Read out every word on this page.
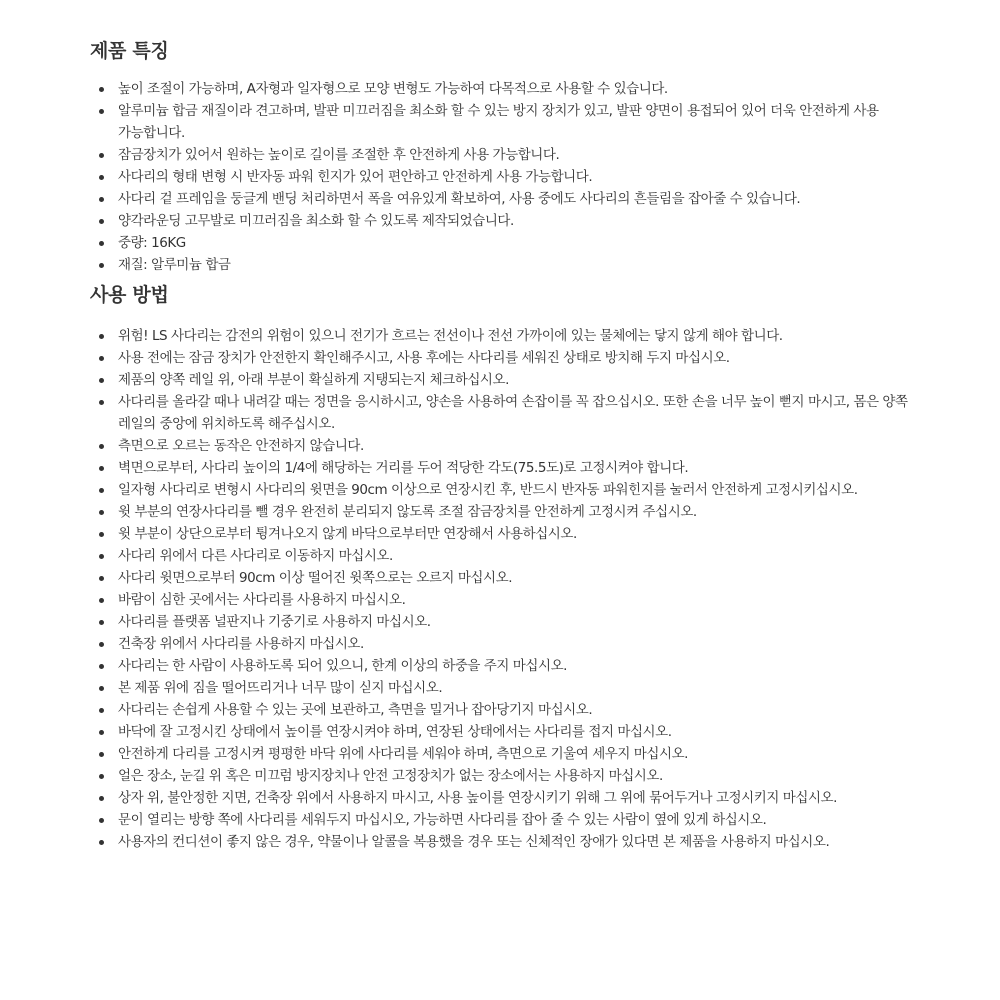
제품 특징
높이 조절이 가능하며, A자형과 일자형으로 모양 변형도 가능하여 다목적으로 사용할 수 있습니다.
알루미늄 합금 재질이라 견고하며, 발판 미끄러짐을 최소화 할 수 있는 방지 장치가 있고, 발판 양면이 용접되어 있어 더욱 안전하게 사용 가능합니다.
잠금장치가 있어서 원하는 높이로 길이를 조절한 후 안전하게 사용 가능합니다.
사다리의 형태 변형 시 반자동 파워 힌지가 있어 편안하고 안전하게 사용 가능합니다.
사다리 겉 프레임을 둥글게 밴딩 처리하면서 폭을 여유있게 확보하여, 사용 중에도 사다리의 흔들림을 잡아줄 수 있습니다.
양각라운딩 고무발로 미끄러짐을 최소화 할 수 있도록 제작되었습니다.
중량: 16KG
재질: 알루미늄 합금
사용 방법
위험! LS 사다리는 감전의 위험이 있으니 전기가 흐르는 전선이나 전선 가까이에 있는 물체에는 닿지 않게 해야 합니다.
사용 전에는 잠금 장치가 안전한지 확인해주시고, 사용 후에는 사다리를 세워진 상태로 방치해 두지 마십시오.
제품의 양쪽 레일 위, 아래 부분이 확실하게 지탱되는지 체크하십시오.
사다리를 올라갈 때나 내려갈 때는 정면을 응시하시고, 양손을 사용하여 손잡이를 꼭 잡으십시오. 또한 손을 너무 높이 뻗지 마시고, 몸은 양쪽 레일의 중앙에 위치하도록 해주십시오.
측면으로 오르는 동작은 안전하지 않습니다.
벽면으로부터, 사다리 높이의 1/4에 해당하는 거리를 두어 적당한 각도(75.5도)로 고정시켜야 합니다.
일자형 사다리로 변형시 사다리의 윗면을 90cm 이상으로 연장시킨 후, 반드시 반자동 파워힌지를 눌러서 안전하게 고정시키십시오.
윗 부분의 연장사다리를 뺄 경우 완전히 분리되지 않도록 조절 잠금장치를 안전하게 고정시켜 주십시오.
윗 부분이 상단으로부터 튕겨나오지 않게 바닥으로부터만 연장해서 사용하십시오.
사다리 위에서 다른 사다리로 이동하지 마십시오.
사다리 윗면으로부터 90cm 이상 떨어진 윗쪽으로는 오르지 마십시오.
바람이 심한 곳에서는 사다리를 사용하지 마십시오.
사다리를 플랫폼 널판지나 기중기로 사용하지 마십시오.
건축장 위에서 사다리를 사용하지 마십시오.
사다리는 한 사람이 사용하도록 되어 있으니, 한계 이상의 하중을 주지 마십시오.
본 제품 위에 짐을 떨어뜨리거나 너무 많이 싣지 마십시오.
사다리는 손쉽게 사용할 수 있는 곳에 보관하고, 측면을 밀거나 잡아당기지 마십시오.
바닥에 잘 고정시킨 상태에서 높이를 연장시켜야 하며, 연장된 상태에서는 사다리를 접지 마십시오.
안전하게 다리를 고정시켜 평평한 바닥 위에 사다리를 세워야 하며, 측면으로 기울여 세우지 마십시오.
얼은 장소, 눈길 위 혹은 미끄럼 방지장치나 안전 고정장치가 없는 장소에서는 사용하지 마십시오.
상자 위, 불안정한 지면, 건축장 위에서 사용하지 마시고, 사용 높이를 연장시키기 위해 그 위에 묶어두거나 고정시키지 마십시오.
문이 열리는 방향 쪽에 사다리를 세워두지 마십시오, 가능하면 사다리를 잡아 줄 수 있는 사람이 옆에 있게 하십시오.
사용자의 컨디션이 좋지 않은 경우, 약물이나 알콜을 복용했을 경우 또는 신체적인 장애가 있다면 본 제품을 사용하지 마십시오.
